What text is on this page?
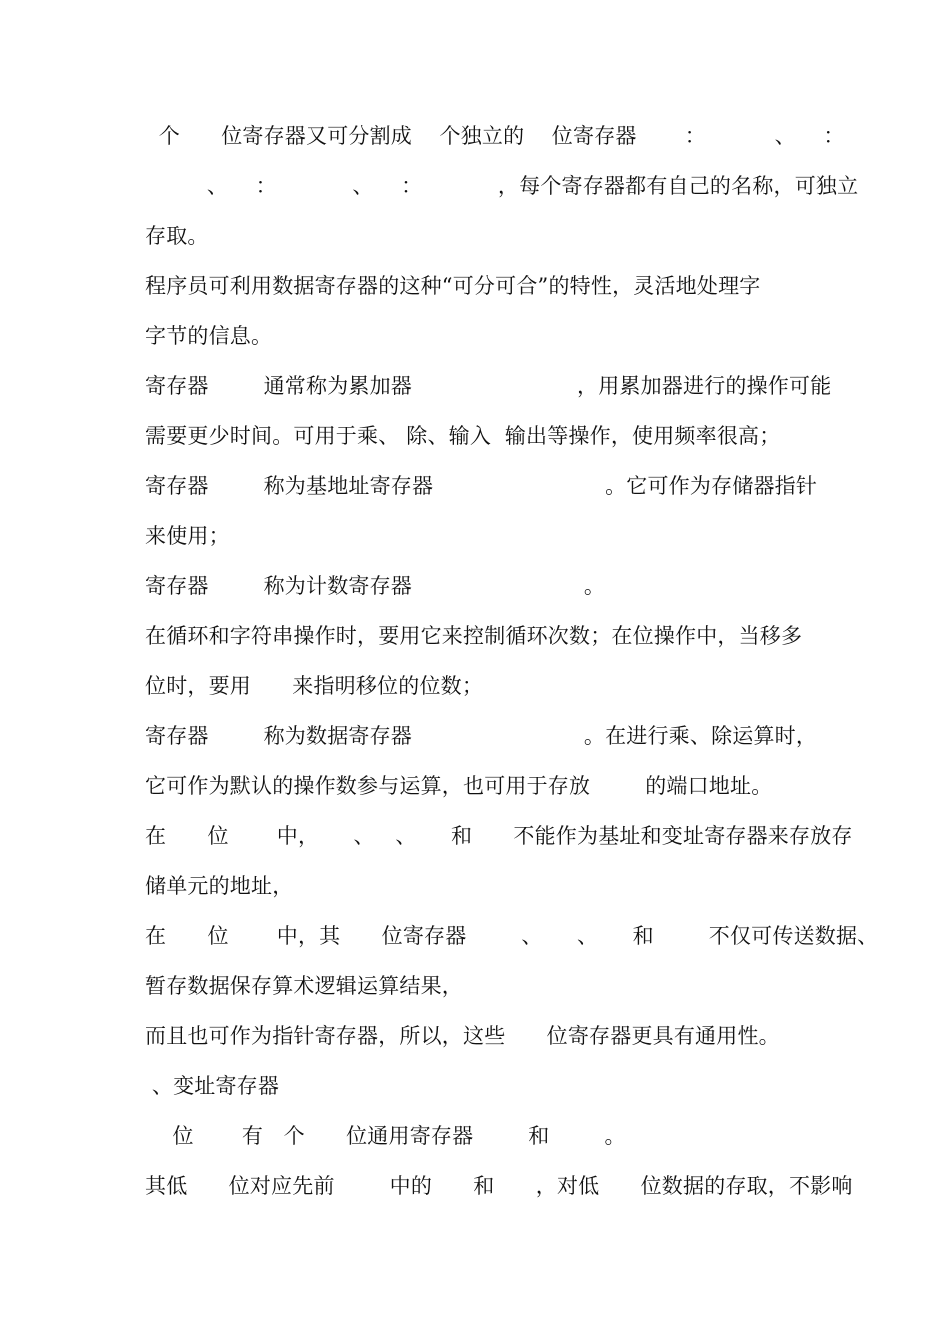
个      位寄存器又可分割成    个独立的    位寄存器       ：          、    ：
、    ：           、    ：           ，每个寄存器都有自己的名称，可独立
存取。
程序员可利用数据寄存器的这种“可分可合”的特性，灵活地处理字
字节的信息。
寄存器        通常称为累加器                        ，用累加器进行的操作可能
需要更少时间。可用于乘、 除、输入  输出等操作，使用频率很高；
寄存器        称为基地址寄存器                         。它可作为存储器指针
来使用；
寄存器        称为计数寄存器                         。
在循环和字符串操作时，要用它来控制循环次数；在位操作中，当移多
位时，要用      来指明移位的位数；
寄存器        称为数据寄存器                         。在进行乘、除运算时，
它可作为默认的操作数参与运算，也可用于存放        的端口地址。
在      位       中，     、   、     和      不能作为基址和变址寄存器来存放存
储单元的地址，
在      位       中，其      位寄存器        、     、     和        不仅可传送数据、
暂存数据保存算术逻辑运算结果，
而且也可作为指针寄存器，所以，这些      位寄存器更具有通用性。
、变址寄存器
位       有   个      位通用寄存器        和        。
其低      位对应先前        中的      和      ，对低      位数据的存取，不影响
